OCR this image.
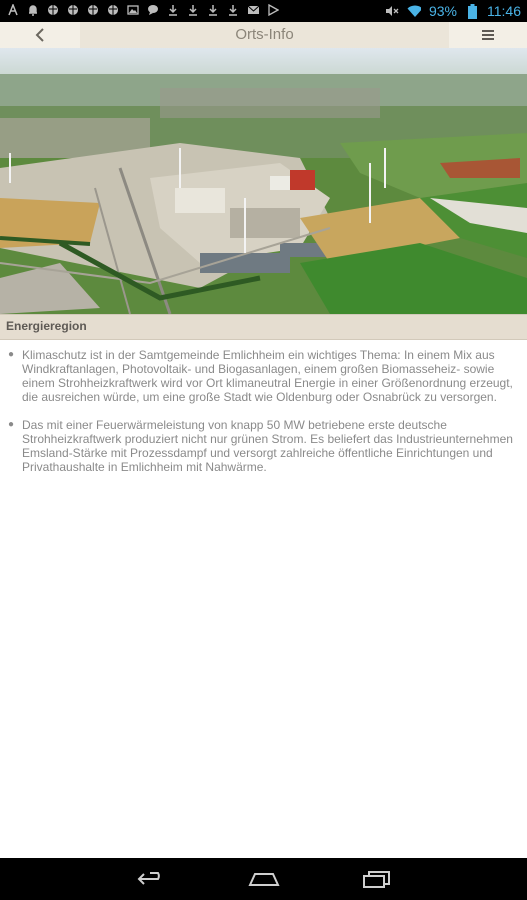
93% 11:46
Orts-Info
Energieregion
● Klimaschutz ist in der Samtgemeinde Emlichheim ein wichtiges Thema: In einem Mix aus Windkraftanlagen, Photovoltaik- und Biogasanlagen, einem großen Biomasseheiz- sowie einem Strohheizkraftwerk wird vor Ort klimaneutral Energie in einer Größenordnung erzeugt, die ausreichen würde, um eine große Stadt wie Oldenburg oder Osnabrück zu versorgen.
● Das mit einer Feuerwärmeleistung von knapp 50 MW betriebene erste deutsche Strohheizkraftwerk produziert nicht nur grünen Strom. Es beliefert das Industrieunternehmen Emsland-Stärke mit Prozessdampf und versorgt zahlreiche öffentliche Einrichtungen und Privathaushalte in Emlichheim mit Nahwärme.
